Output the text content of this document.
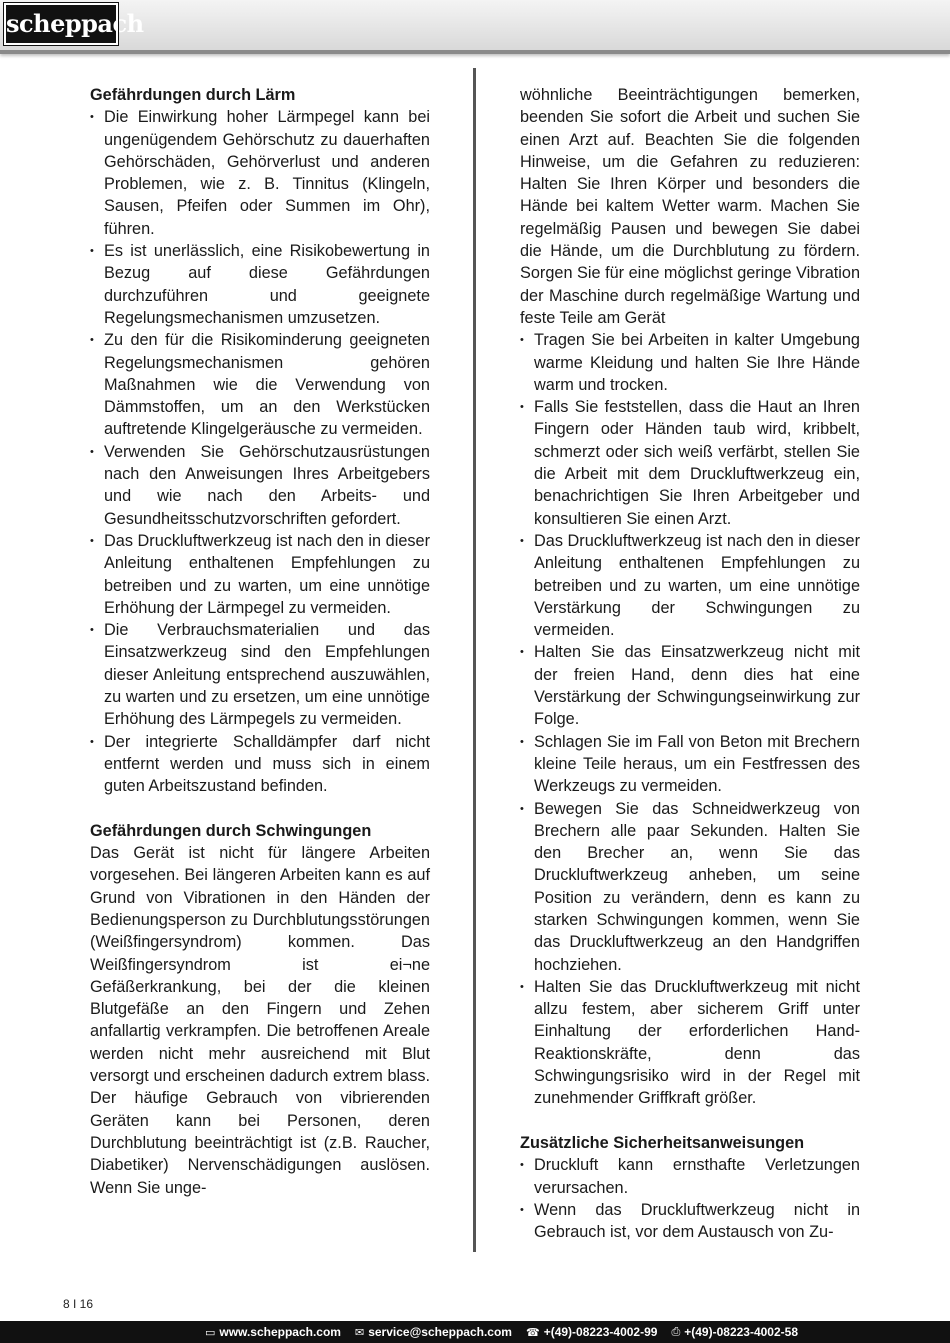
scheppach
Gefährdungen durch Lärm
• Die Einwirkung hoher Lärmpegel kann bei ungenügendem Gehörschutz zu dauerhaften Gehörschäden, Gehörverlust und anderen Problemen, wie z. B. Tinnitus (Klingeln, Sausen, Pfeifen oder Summen im Ohr), führen.
• Es ist unerlässlich, eine Risikobewertung in Bezug auf diese Gefährdungen durchzuführen und geeignete Regelungsmechanismen umzusetzen.
• Zu den für die Risikominderung geeigneten Regelungsmechanismen gehören Maßnahmen wie die Verwendung von Dämmstoffen, um an den Werkstücken auftretende Klingelgeräusche zu vermeiden.
• Verwenden Sie Gehörschutzausrüstungen nach den Anweisungen Ihres Arbeitgebers und wie nach den Arbeits- und Gesundheitsschutzvorschriften gefordert.
• Das Druckluftwerkzeug ist nach den in dieser Anleitung enthaltenen Empfehlungen zu betreiben und zu warten, um eine unnötige Erhöhung der Lärmpegel zu vermeiden.
• Die Verbrauchsmaterialien und das Einsatzwerkzeug sind den Empfehlungen dieser Anleitung entsprechend auszuwählen, zu warten und zu ersetzen, um eine unnötige Erhöhung des Lärmpegels zu vermeiden.
• Der integrierte Schalldämpfer darf nicht entfernt werden und muss sich in einem guten Arbeitszustand befinden.
Gefährdungen durch Schwingungen

Das Gerät ist nicht für längere Arbeiten vorgesehen. Bei längeren Arbeiten kann es auf Grund von Vibrationen in den Händen der Bedienungsperson zu Durchblutungsstörungen (Weißfingersyndrom) kommen. Das Weißfingersyndrom ist ei¬ne Gefäßerkrankung, bei der die kleinen Blutgefäße an den Fingern und Zehen anfallartig verkrampfen. Die betroffenen Areale werden nicht mehr ausreichend mit Blut versorgt und erscheinen dadurch extrem blass. Der häufige Gebrauch von vibrierenden Geräten kann bei Personen, deren Durchblutung beeinträchtigt ist (z.B. Raucher, Diabetiker) Nervenschädigungen auslösen. Wenn Sie unge-

wöhnliche Beeinträchtigungen bemerken, beenden Sie sofort die Arbeit und suchen Sie einen Arzt auf. Beachten Sie die folgenden Hinweise, um die Gefahren zu reduzieren: Halten Sie Ihren Körper und besonders die Hände bei kaltem Wetter warm. Machen Sie regelmäßig Pausen und bewegen Sie dabei die Hände, um die Durchblutung zu fördern. Sorgen Sie für eine möglichst geringe Vibration der Maschine durch regelmäßige Wartung und feste Teile am Gerät

• Tragen Sie bei Arbeiten in kalter Umgebung warme Kleidung und halten Sie Ihre Hände warm und trocken.
• Falls Sie feststellen, dass die Haut an Ihren Fingern oder Händen taub wird, kribbelt, schmerzt oder sich weiß verfärbt, stellen Sie die Arbeit mit dem Druckluftwerkzeug ein, benachrichtigen Sie Ihren Arbeitgeber und konsultieren Sie einen Arzt.
• Das Druckluftwerkzeug ist nach den in dieser Anleitung enthaltenen Empfehlungen zu betreiben und zu warten, um eine unnötige Verstärkung der Schwingungen zu vermeiden.
• Halten Sie das Einsatzwerkzeug nicht mit der freien Hand, denn dies hat eine Verstärkung der Schwingungseinwirkung zur Folge.
• Schlagen Sie im Fall von Beton mit Brechern kleine Teile heraus, um ein Festfressen des Werkzeugs zu vermeiden.
• Bewegen Sie das Schneidwerkzeug von Brechern alle paar Sekunden. Halten Sie den Brecher an, wenn Sie das Druckluftwerkzeug anheben, um seine Position zu verändern, denn es kann zu starken Schwingungen kommen, wenn Sie das Druckluftwerkzeug an den Handgriffen hochziehen.
• Halten Sie das Druckluftwerkzeug mit nicht allzu festem, aber sicherem Griff unter Einhaltung der erforderlichen Hand-Reaktionskräfte, denn das Schwingungsrisiko wird in der Regel mit zunehmender Griffkraft größer.
Zusätzliche Sicherheitsanweisungen
• Druckluft kann ernsthafte Verletzungen verursachen.
• Wenn das Druckluftwerkzeug nicht in Gebrauch ist, vor dem Austausch von Zu-
8 I 16
▭ www.scheppach.com ✉ service@scheppach.com ☎ +(49)-08223-4002-99 ⎙ +(49)-08223-4002-58
